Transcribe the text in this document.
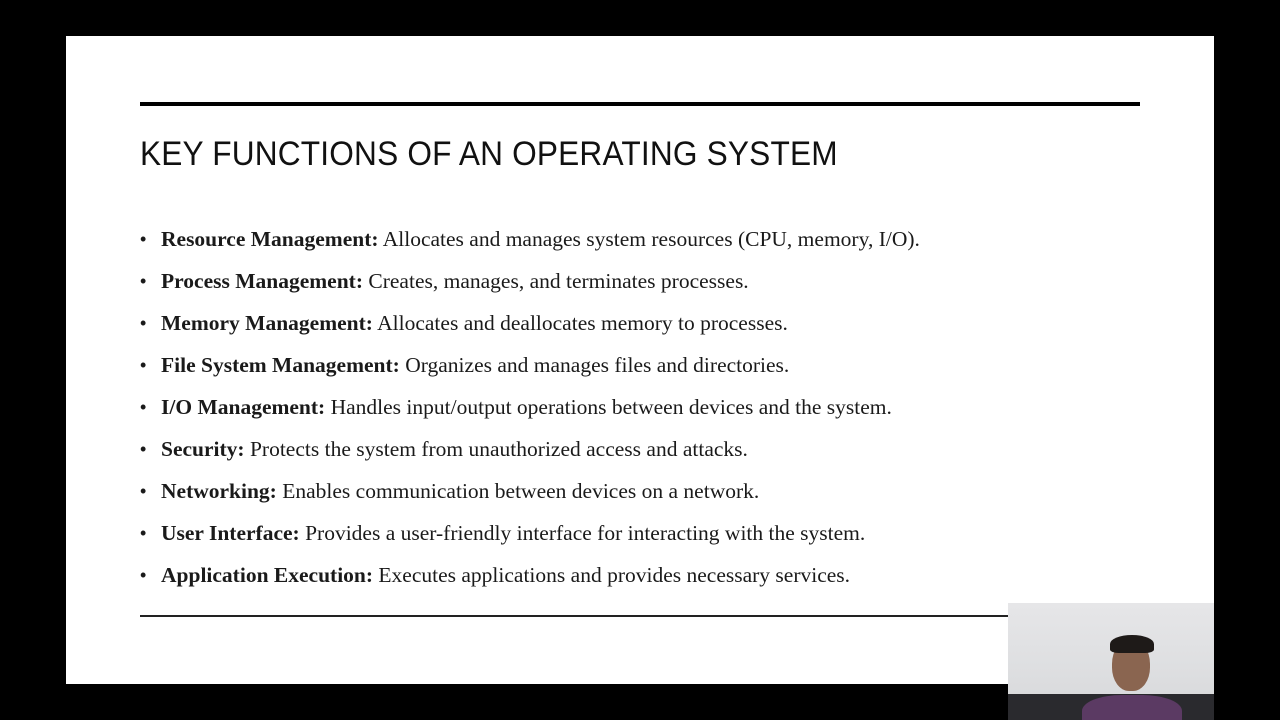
KEY FUNCTIONS OF AN OPERATING SYSTEM
• Resource Management: Allocates and manages system resources (CPU, memory, I/O).
• Process Management: Creates, manages, and terminates processes.
• Memory Management: Allocates and deallocates memory to processes.
• File System Management: Organizes and manages files and directories.
• I/O Management: Handles input/output operations between devices and the system.
• Security: Protects the system from unauthorized access and attacks.
• Networking: Enables communication between devices on a network.
• User Interface: Provides a user-friendly interface for interacting with the system.
• Application Execution: Executes applications and provides necessary services.
